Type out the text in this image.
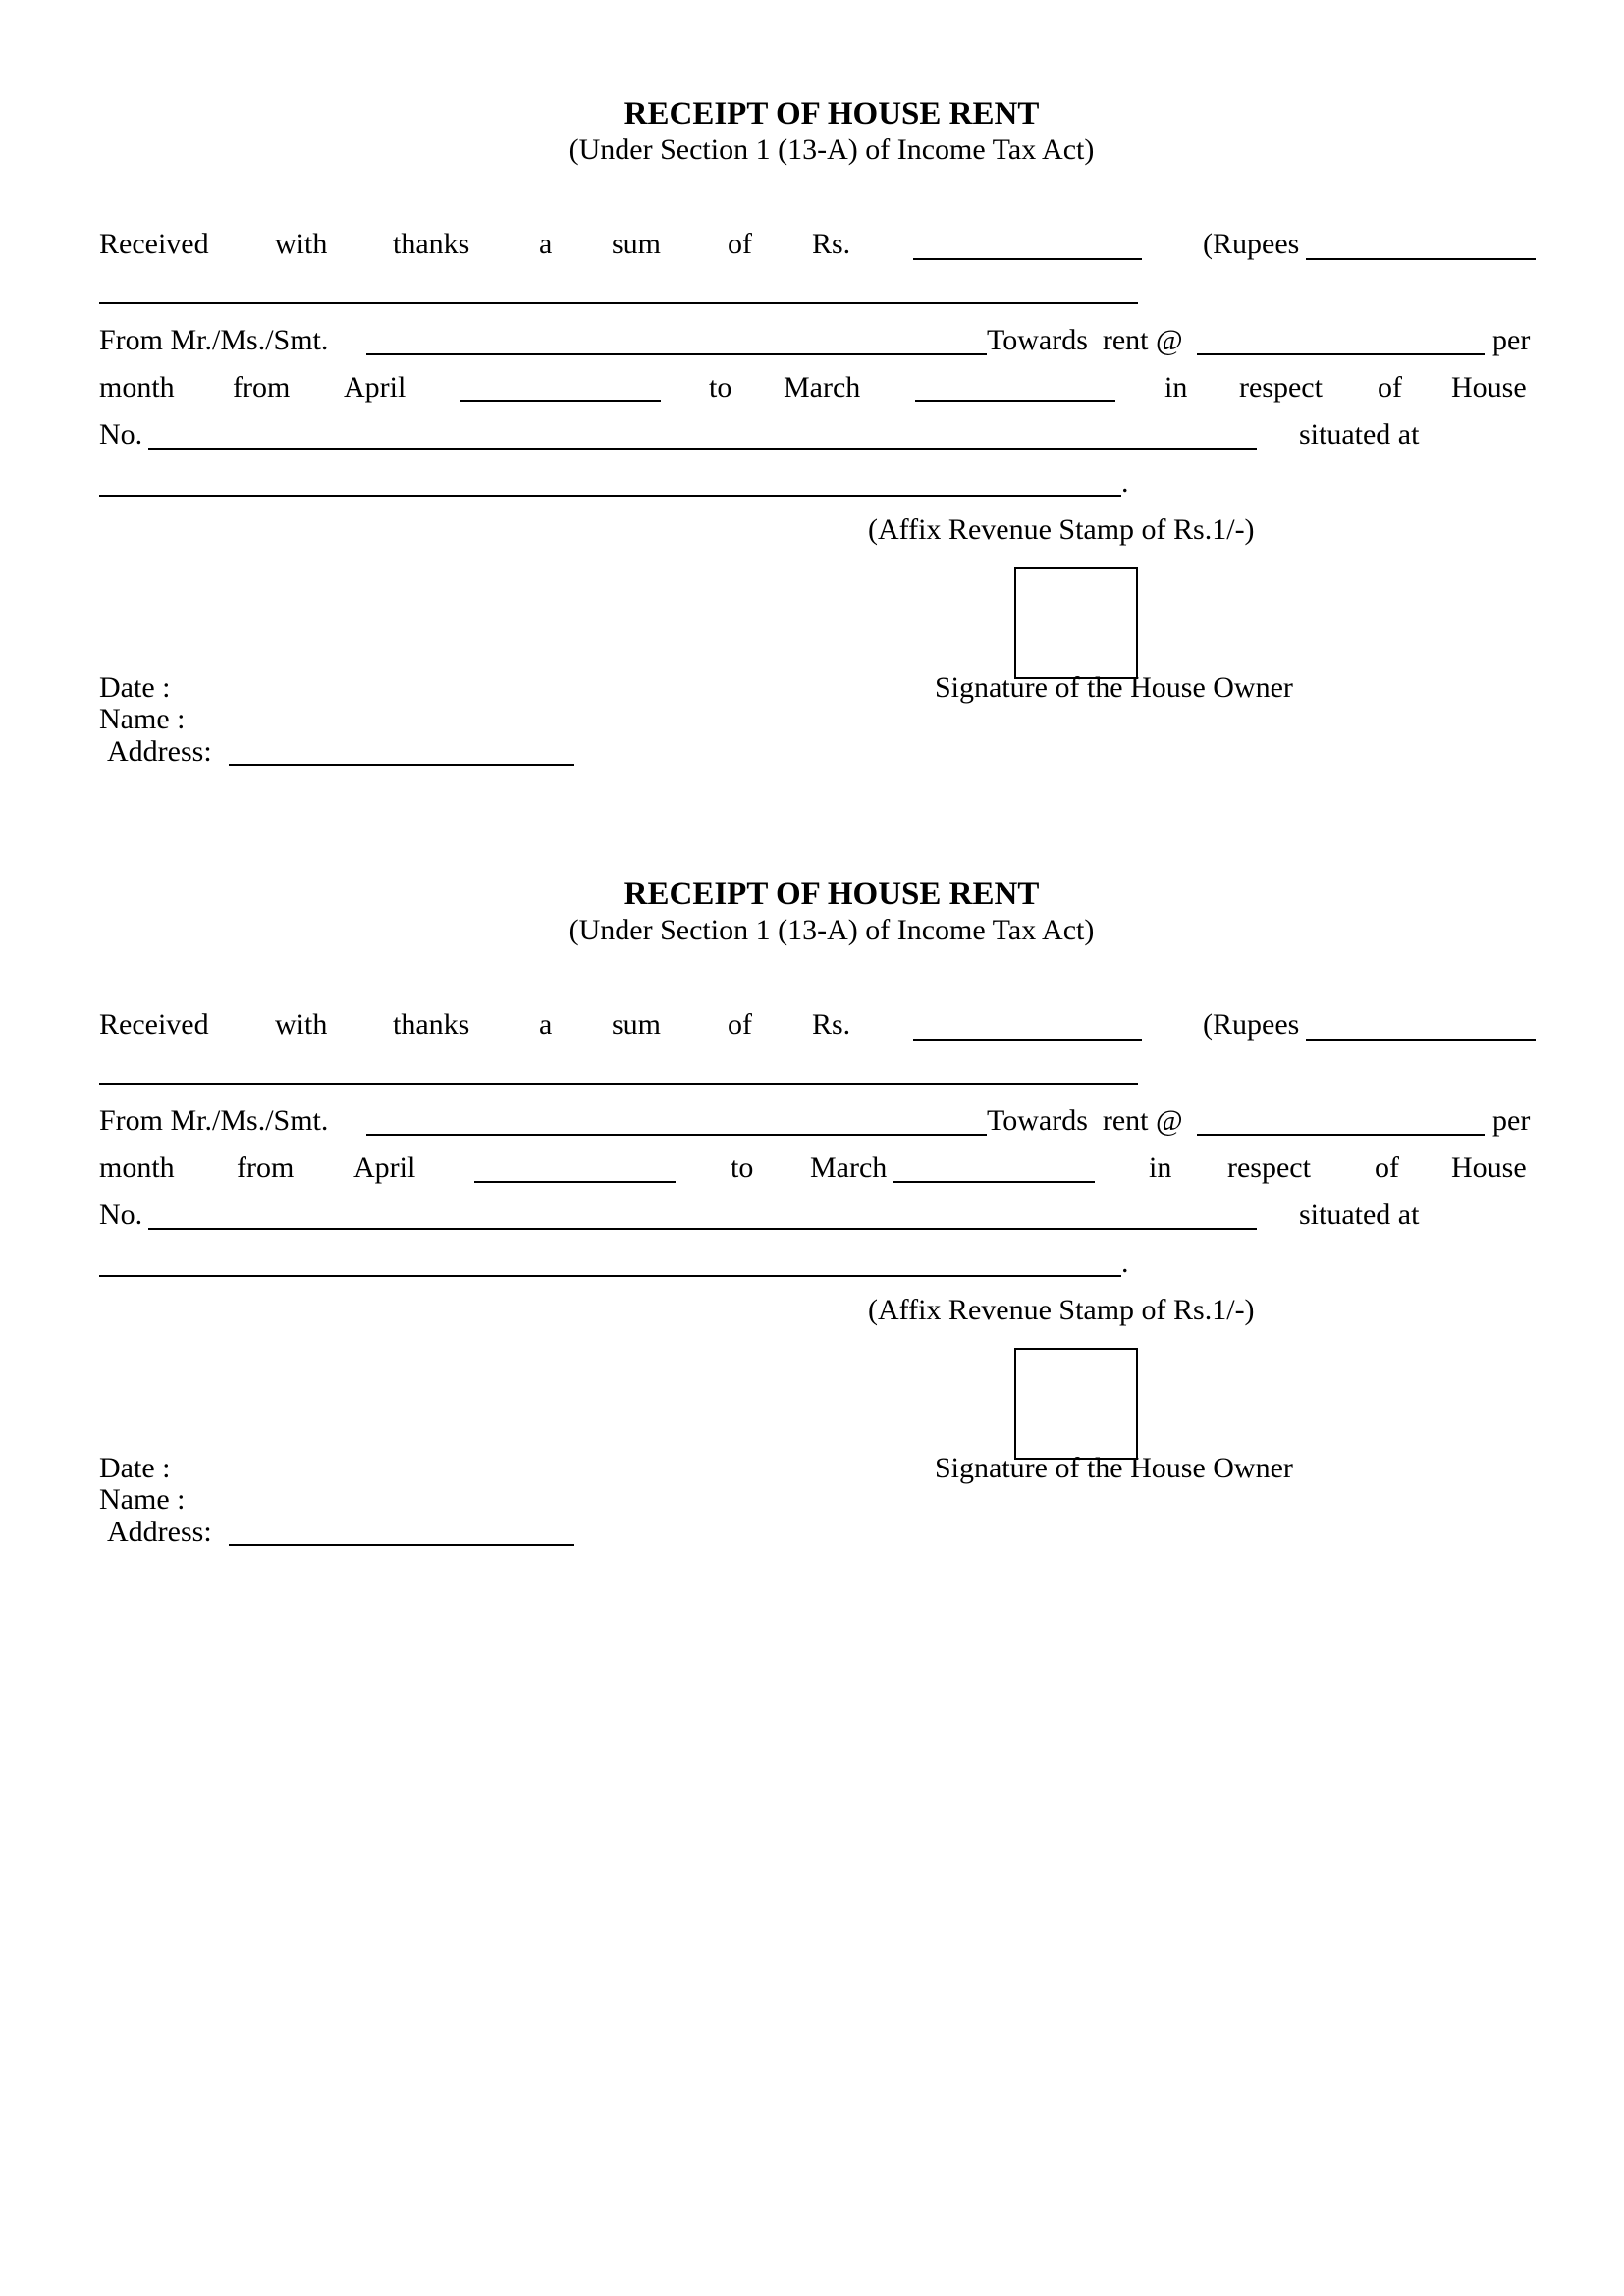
RECEIPT OF HOUSE RENT
(Under Section 1 (13-A) of Income Tax Act)
Received with thanks a sum of Rs.	(Rupees
From Mr./Ms./Smt.	Towards  rent @	per
month from April	to March	in respect of House
No.	situated at
.
(Affix Revenue Stamp of Rs.1/-)
Date :
Name :
Address:
Signature of the House Owner
RECEIPT OF HOUSE RENT
(Under Section 1 (13-A) of Income Tax Act)
Received with thanks a sum of Rs.	(Rupees
From Mr./Ms./Smt.	Towards  rent @	per
month from April	to March	in respect of House
No.	situated at
.
(Affix Revenue Stamp of Rs.1/-)
Date :
Name :
Address:
Signature of the House Owner
